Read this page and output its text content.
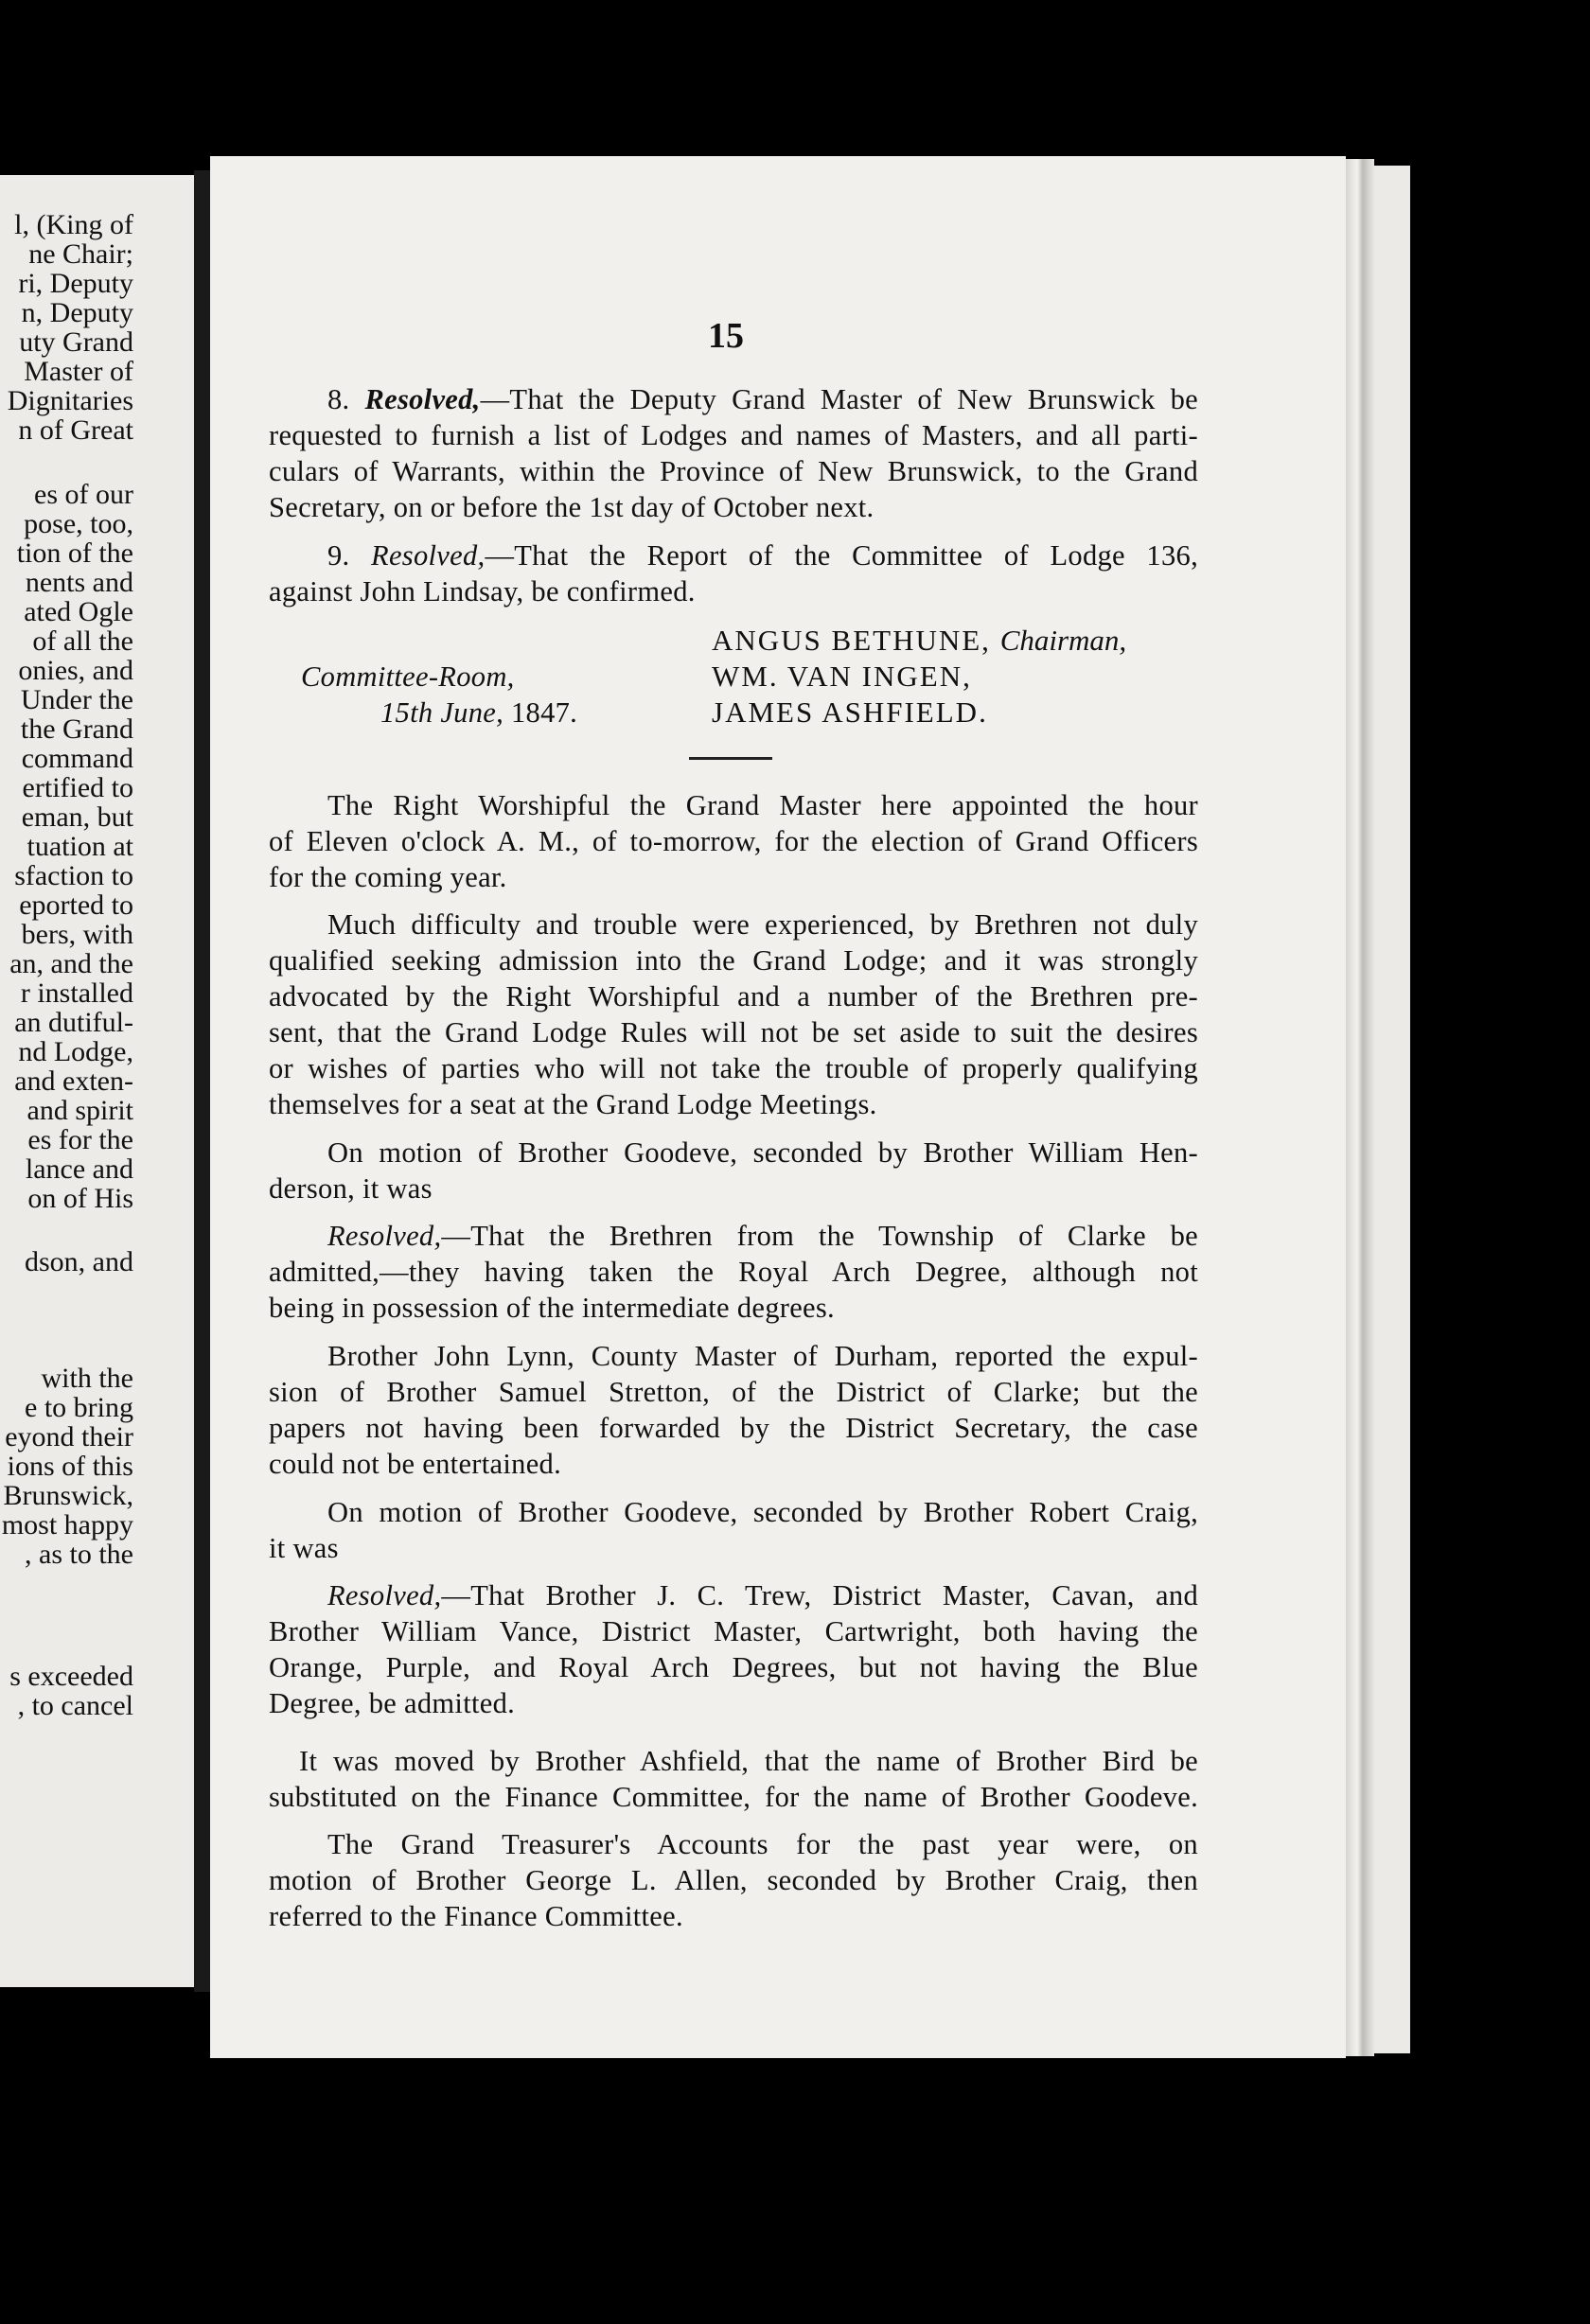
l, (King of
ne Chair;
ri, Deputy
n, Deputy
uty Grand
Master of
Dignitaries
n of Great
es of our
pose, too,
tion of the
nents and
ated Ogle
of all the
onies, and
Under the
the Grand
command
ertified to
eman, but
tuation at
sfaction to
eported to
bers, with
an, and the
r installed
an dutiful-
nd Lodge,
and exten-
and spirit
es for the
lance and
on of His
dson, and
with the
e to bring
eyond their
ions of this
Brunswick,
most happy
, as to the
s exceeded
, to cancel
15
8. Resolved,—That the Deputy Grand Master of New Brunswick be
requested to furnish a list of Lodges and names of Masters, and all parti-
culars of Warrants, within the Province of New Brunswick, to the Grand
Secretary, on or before the 1st day of October next.
9. Resolved,—That the Report of the Committee of Lodge 136,
against John Lindsay, be confirmed.
Committee-Room,
15th June, 1847.
ANGUS BETHUNE, Chairman,
WM. VAN INGEN,
JAMES ASHFIELD.
The Right Worshipful the Grand Master here appointed the hour
of Eleven o'clock A. M., of to-morrow, for the election of Grand Officers
for the coming year.
Much difficulty and trouble were experienced, by Brethren not duly
qualified seeking admission into the Grand Lodge; and it was strongly
advocated by the Right Worshipful and a number of the Brethren pre-
sent, that the Grand Lodge Rules will not be set aside to suit the desires
or wishes of parties who will not take the trouble of properly qualifying
themselves for a seat at the Grand Lodge Meetings.
On motion of Brother Goodeve, seconded by Brother William Hen-
derson, it was
Resolved,—That the Brethren from the Township of Clarke be
admitted,—they having taken the Royal Arch Degree, although not
being in possession of the intermediate degrees.
Brother John Lynn, County Master of Durham, reported the expul-
sion of Brother Samuel Stretton, of the District of Clarke; but the
papers not having been forwarded by the District Secretary, the case
could not be entertained.
On motion of Brother Goodeve, seconded by Brother Robert Craig,
it was
Resolved,—That Brother J. C. Trew, District Master, Cavan, and
Brother William Vance, District Master, Cartwright, both having the
Orange, Purple, and Royal Arch Degrees, but not having the Blue
Degree, be admitted.
It was moved by Brother Ashfield, that the name of Brother Bird be
substituted on the Finance Committee, for the name of Brother Goodeve.
The Grand Treasurer's Accounts for the past year were, on
motion of Brother George L. Allen, seconded by Brother Craig, then
referred to the Finance Committee.
